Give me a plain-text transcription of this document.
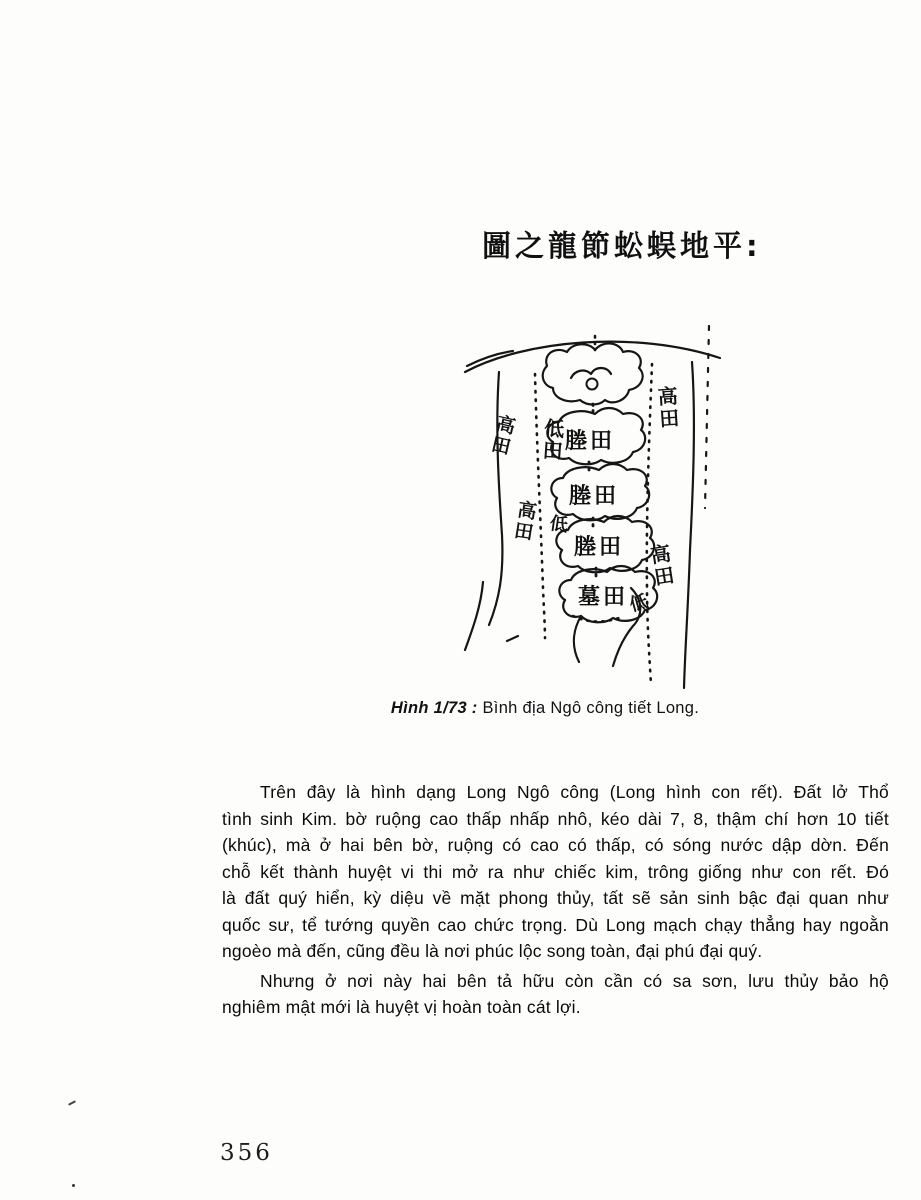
圖之龍節蚣蜈地平:
高田 低田
高田 低
高田
高田
低
塍田
塍田
塍田
墓田
Hình 1/73 : Bình địa Ngô công tiết Long.
Trên đây là hình dạng Long Ngô công (Long hình con rết). Đất lở Thổ
tình sinh Kim. bờ ruộng cao thấp nhấp nhô, kéo dài 7, 8, thậm chí hơn 10 tiết
(khúc), mà ở hai bên bờ, ruộng có cao có thấp, có sóng nước dập dờn. Đến
chỗ kết thành huyệt vi thi mở ra như chiếc kim, trông giống như con rết. Đó
là đất quý hiển, kỳ diệu về mặt phong thủy, tất sẽ sản sinh bậc đại quan như
quốc sư, tể tướng quyền cao chức trọng. Dù Long mạch chạy thẳng hay ngoằn
ngoèo mà đến, cũng đều là nơi phúc lộc song toàn, đại phú đại quý.
Nhưng ở nơi này hai bên tả hữu còn cần có sa sơn, lưu thủy bảo hộ
nghiêm mật mới là huyệt vị hoàn toàn cát lợi.
356
